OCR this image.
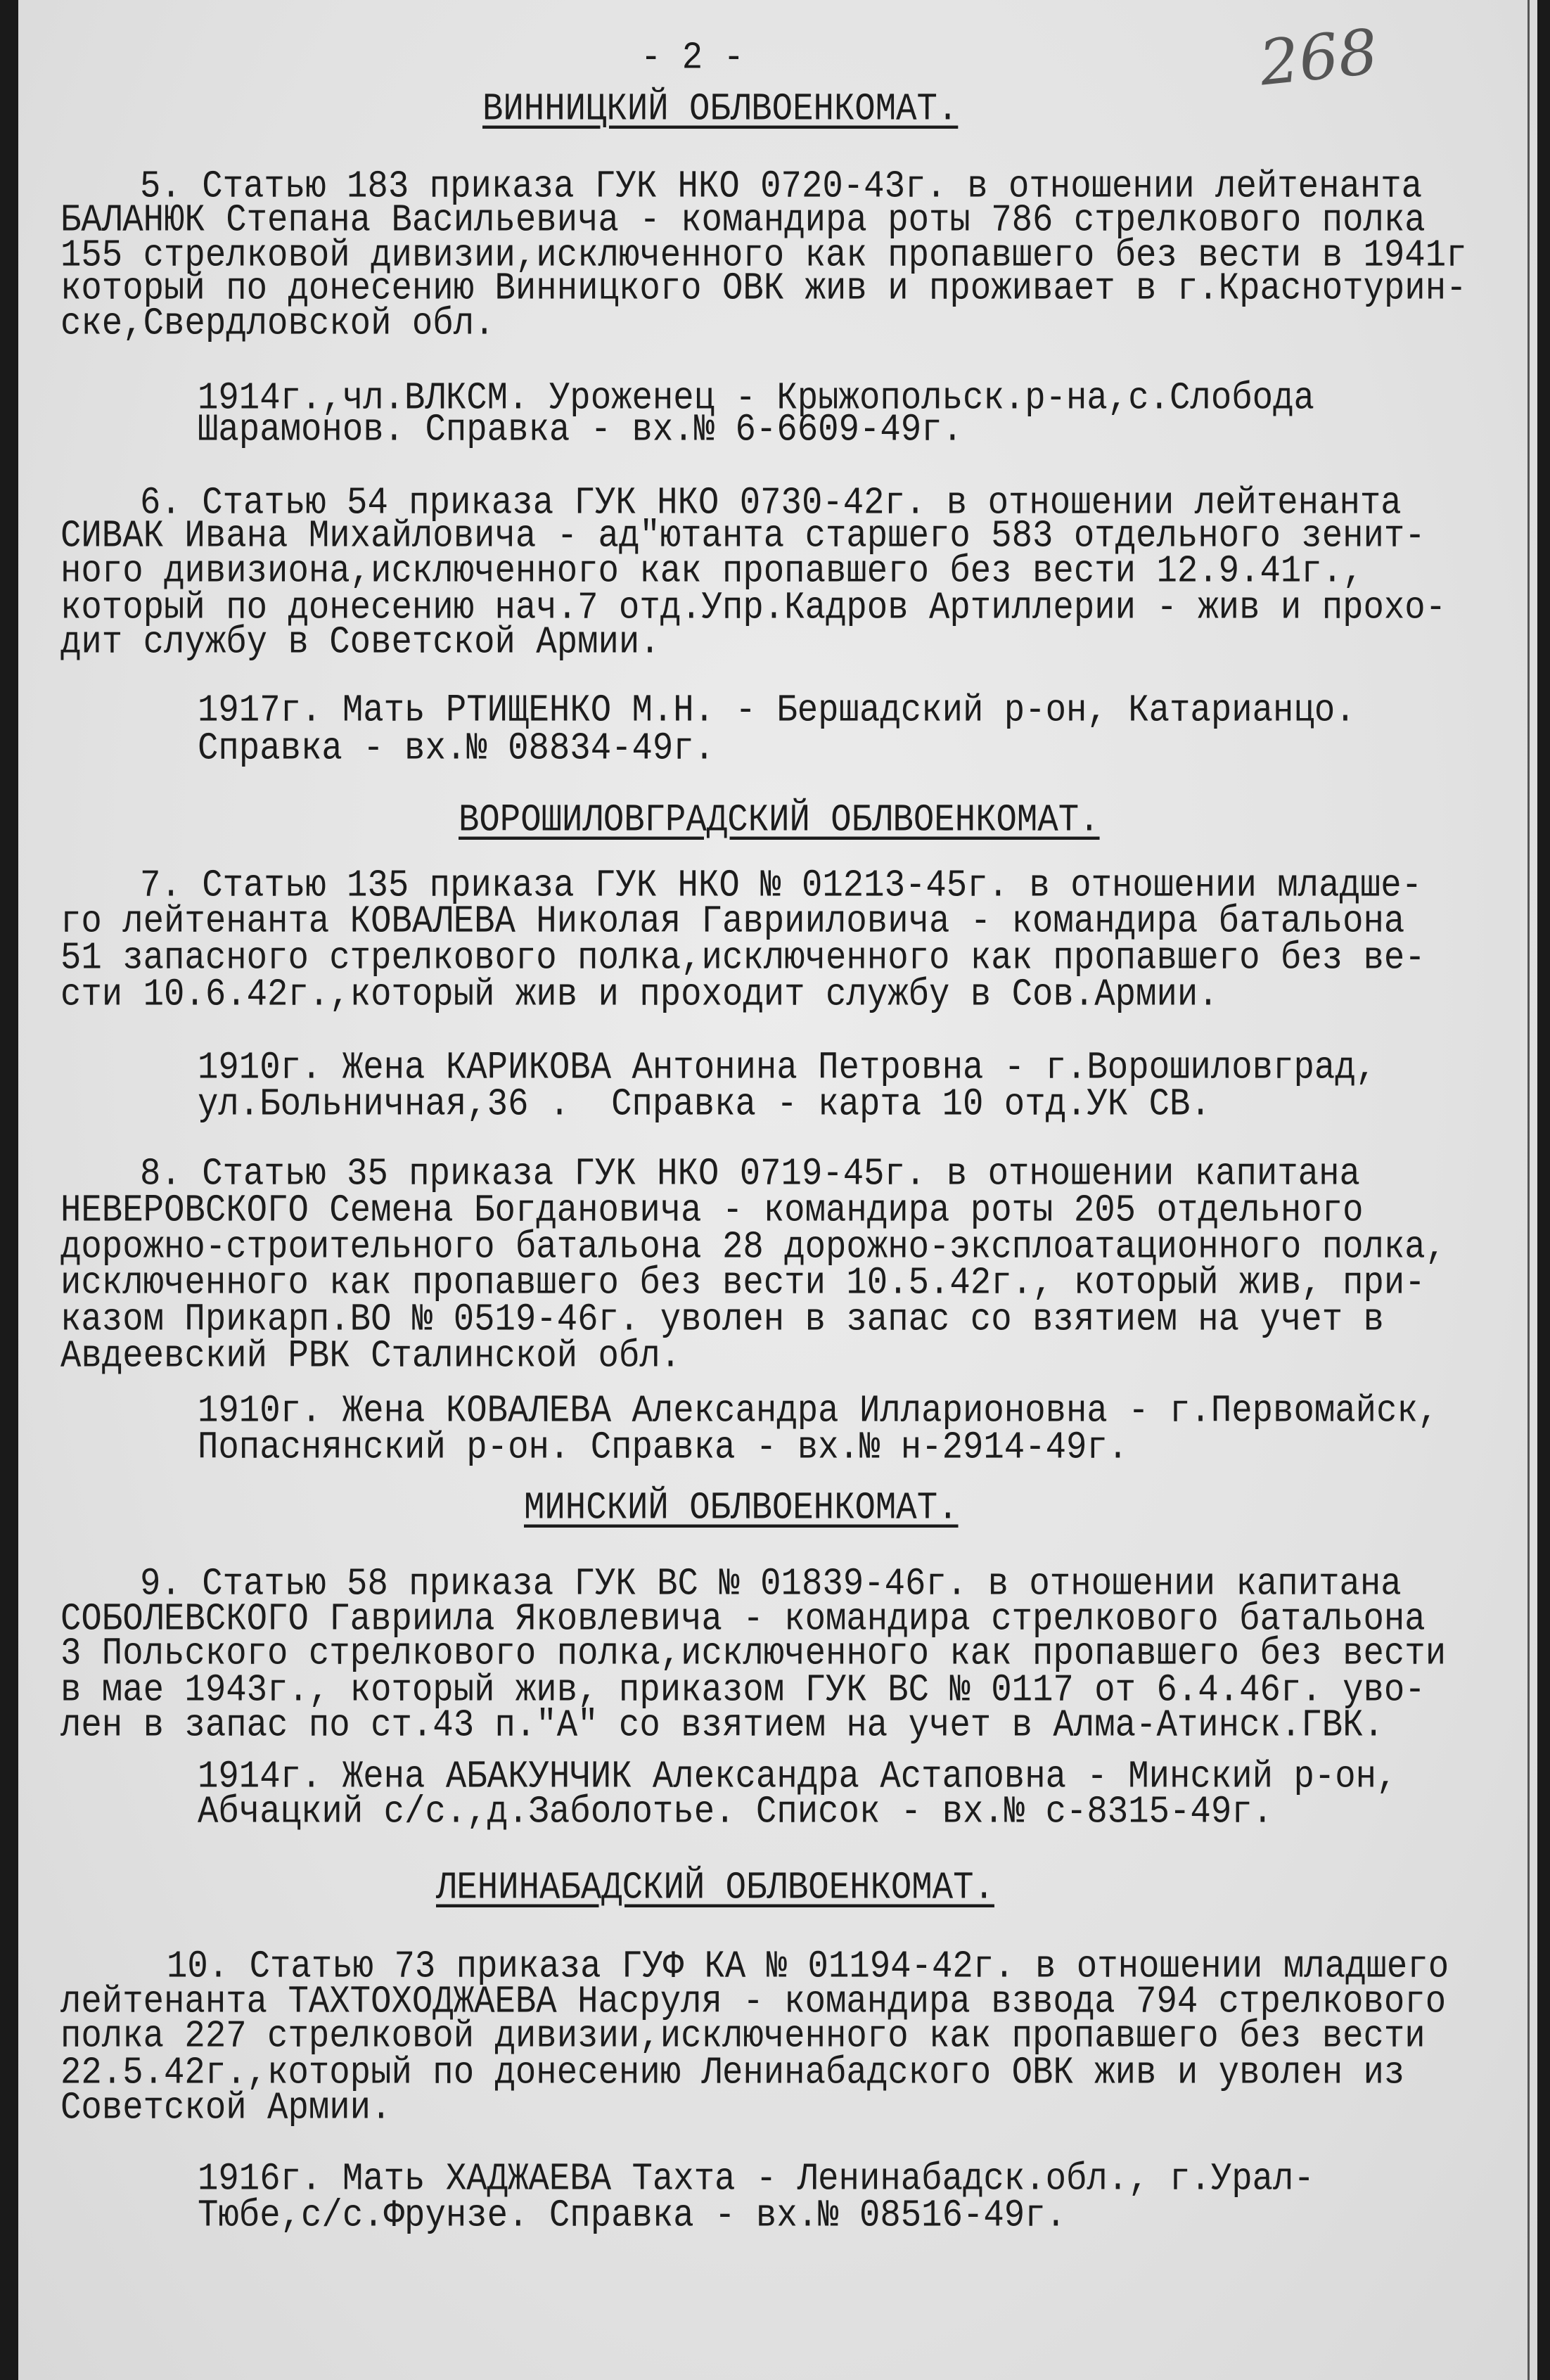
- 2 -	268
ВИННИЦКИЙ ОБЛВОЕНКОМАТ.
5. Статью 183 приказа ГУК НКО 0720-43г. в отношении лейтенанта
БАЛАНЮК Степана Васильевича - командира роты 786 стрелкового полка
155 стрелковой дивизии,исключенного как пропавшего без вести в 1941г
который по донесению Винницкого ОВК жив и проживает в г.Краснотурин-
ске,Свердловской обл.
1914г.,чл.ВЛКСМ. Уроженец - Крыжопольск.р-на,с.Слобода
Шарамонов. Справка - вх.№ 6-6609-49г.
6. Статью 54 приказа ГУК НКО 0730-42г. в отношении лейтенанта
СИВАК Ивана Михайловича - ад"ютанта старшего 583 отдельного зенит-
ного дивизиона,исключенного как пропавшего без вести 12.9.41г.,
который по донесению нач.7 отд.Упр.Кадров Артиллерии - жив и прохо-
дит службу в Советской Армии.
1917г. Мать РТИЩЕНКО М.Н. - Бершадский р-он, Катарианцо.
Справка - вх.№ 08834-49г.
ВОРОШИЛОВГРАДСКИЙ ОБЛВОЕНКОМАТ.
7. Статью 135 приказа ГУК НКО № 01213-45г. в отношении младше-
го лейтенанта КОВАЛЕВА Николая Гаврииловича - командира батальона
51 запасного стрелкового полка,исключенного как пропавшего без ве-
сти 10.6.42г.,который жив и проходит службу в Сов.Армии.
1910г. Жена КАРИКОВА Антонина Петровна - г.Ворошиловград,
ул.Больничная,36 .  Справка - карта 10 отд.УК СВ.
8. Статью 35 приказа ГУК НКО 0719-45г. в отношении капитана
НЕВЕРОВСКОГО Семена Богдановича - командира роты 205 отдельного
дорожно-строительного батальона 28 дорожно-эксплоатационного полка,
исключенного как пропавшего без вести 10.5.42г., который жив, при-
казом Прикарп.ВО № 0519-46г. уволен в запас со взятием на учет в
Авдеевский РВК Сталинской обл.
1910г. Жена КОВАЛЕВА Александра Илларионовна - г.Первомайск,
Попаснянский р-он. Справка - вх.№ н-2914-49г.
МИНСКИЙ ОБЛВОЕНКОМАТ.
9. Статью 58 приказа ГУК ВС № 01839-46г. в отношении капитана
СОБОЛЕВСКОГО Гавриила Яковлевича - командира стрелкового батальона
3 Польского стрелкового полка,исключенного как пропавшего без вести
в мае 1943г., который жив, приказом ГУК ВС № 0117 от 6.4.46г. уво-
лен в запас по ст.43 п."А" со взятием на учет в Алма-Атинск.ГВК.
1914г. Жена АБАКУНЧИК Александра Астаповна - Минский р-он,
Абчацкий с/с.,д.Заболотье. Список - вх.№ с-8315-49г.
ЛЕНИНАБАДСКИЙ ОБЛВОЕНКОМАТ.
10. Статью 73 приказа ГУФ КА № 01194-42г. в отношении младшего
лейтенанта ТАХТОХОДЖАЕВА Насруля - командира взвода 794 стрелкового
полка 227 стрелковой дивизии,исключенного как пропавшего без вести
22.5.42г.,который по донесению Ленинабадского ОВК жив и уволен из
Советской Армии.
1916г. Мать ХАДЖАЕВА Тахта - Ленинабадск.обл., г.Урал-
Тюбе,с/с.Фрунзе. Справка - вх.№ 08516-49г.
